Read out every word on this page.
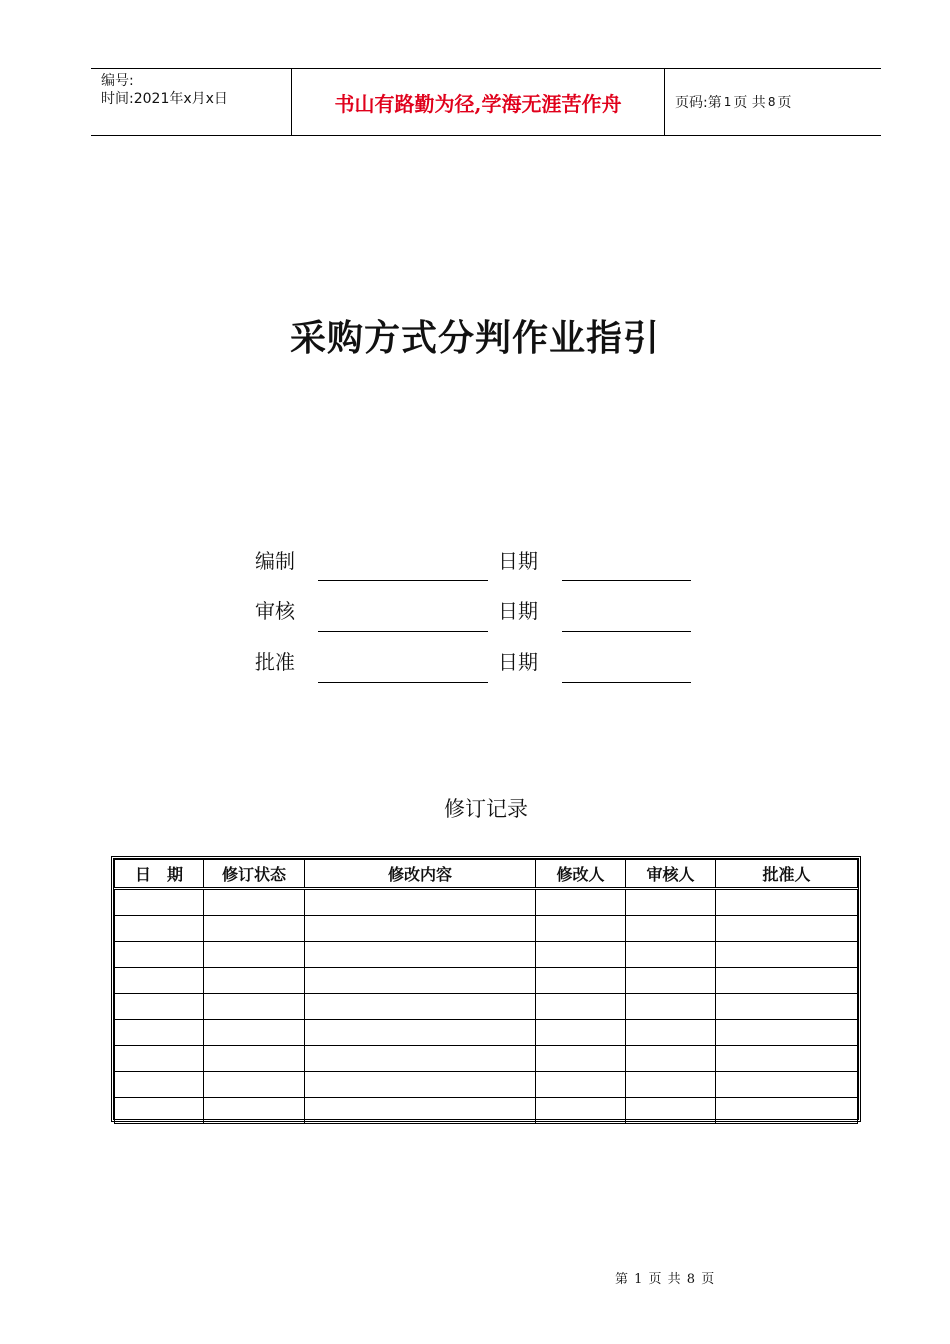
编号:
时间:2021年x月x日	书山有路勤为径,学海无涯苦作舟	页码:第 1 页 共 8 页
采购方式分判作业指引
编制	日期
审核	日期
批准	日期
修订记录
日　期	修订状态	修改内容	修改人	审核人	批准人

第 1 页 共 8 页
